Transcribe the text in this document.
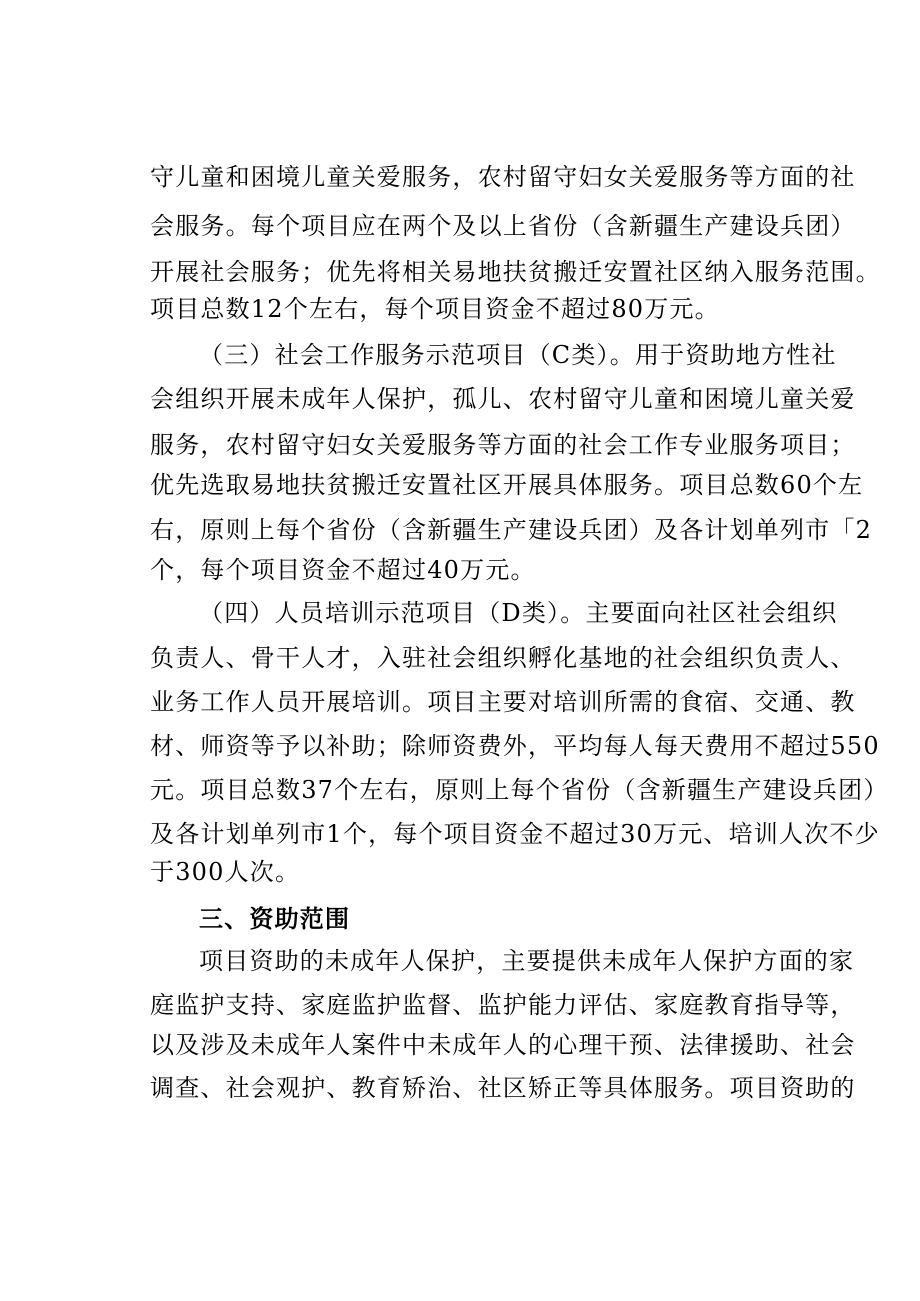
守儿童和困境儿童关爱服务，农村留守妇女关爱服务等方面的社
会服务。每个项目应在两个及以上省份（含新疆生产建设兵团）
开展社会服务；优先将相关易地扶贫搬迁安置社区纳入服务范围。
项目总数12个左右，每个项目资金不超过80万元。
（三）社会工作服务示范项目（C类）。用于资助地方性社
会组织开展未成年人保护，孤儿、农村留守儿童和困境儿童关爱
服务，农村留守妇女关爱服务等方面的社会工作专业服务项目；
优先选取易地扶贫搬迁安置社区开展具体服务。项目总数60个左
右，原则上每个省份（含新疆生产建设兵团）及各计划单列市「2
个，每个项目资金不超过40万元。
（四）人员培训示范项目（D类）。主要面向社区社会组织
负责人、骨干人才，入驻社会组织孵化基地的社会组织负责人、
业务工作人员开展培训。项目主要对培训所需的食宿、交通、教
材、师资等予以补助；除师资费外，平均每人每天费用不超过550
元。项目总数37个左右，原则上每个省份（含新疆生产建设兵团）
及各计划单列市1个，每个项目资金不超过30万元、培训人次不少
于300人次。
三、资助范围
项目资助的未成年人保护，主要提供未成年人保护方面的家
庭监护支持、家庭监护监督、监护能力评估、家庭教育指导等，
以及涉及未成年人案件中未成年人的心理干预、法律援助、社会
调查、社会观护、教育矫治、社区矫正等具体服务。项目资助的
